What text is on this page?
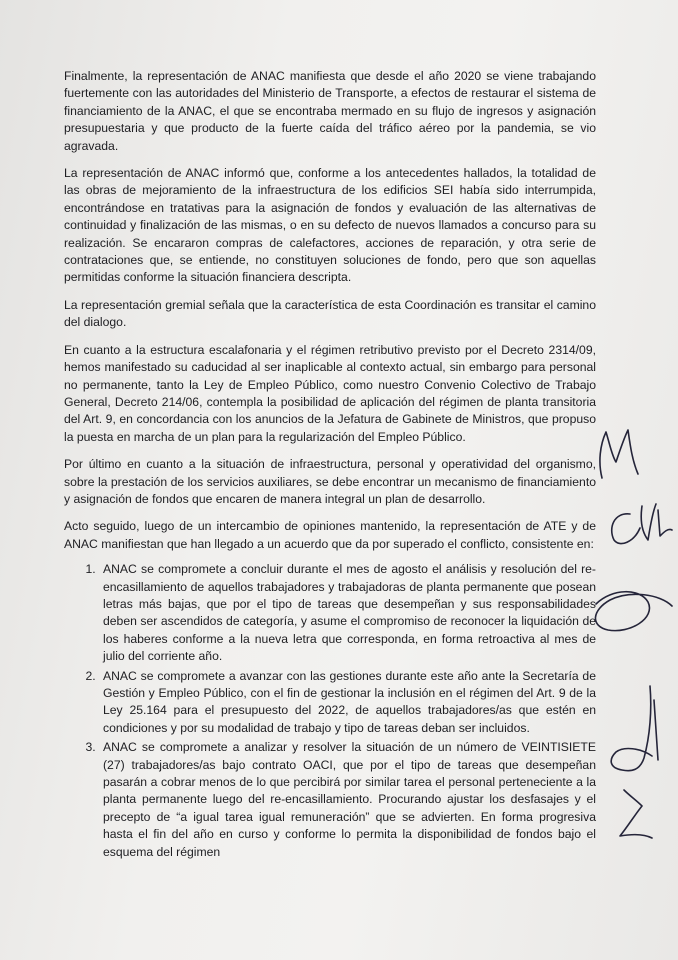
Finalmente, la representación de ANAC manifiesta que desde el año 2020 se viene trabajando fuertemente con las autoridades del Ministerio de Transporte, a efectos de restaurar el sistema de financiamiento de la ANAC, el que se encontraba mermado en su flujo de ingresos y asignación presupuestaria y que producto de la fuerte caída del tráfico aéreo por la pandemia, se vio agravada.

La representación de ANAC informó que, conforme a los antecedentes hallados, la totalidad de las obras de mejoramiento de la infraestructura de los edificios SEI había sido interrumpida, encontrándose en tratativas para la asignación de fondos y evaluación de las alternativas de continuidad y finalización de las mismas, o en su defecto de nuevos llamados a concurso para su realización. Se encararon compras de calefactores, acciones de reparación, y otra serie de contrataciones que, se entiende, no constituyen soluciones de fondo, pero que son aquellas permitidas conforme la situación financiera descripta.

La representación gremial señala que la característica de esta Coordinación es transitar el camino del dialogo.

En cuanto a la estructura escalafonaria y el régimen retributivo previsto por el Decreto 2314/09, hemos manifestado su caducidad al ser inaplicable al contexto actual, sin embargo para personal no permanente, tanto la Ley de Empleo Público, como nuestro Convenio Colectivo de Trabajo General, Decreto 214/06, contempla la posibilidad de aplicación del régimen de planta transitoria del Art. 9, en concordancia con los anuncios de la Jefatura de Gabinete de Ministros, que propuso la puesta en marcha de un plan para la regularización del Empleo Público.

Por último en cuanto a la situación de infraestructura, personal y operatividad del organismo, sobre la prestación de los servicios auxiliares, se debe encontrar un mecanismo de financiamiento y asignación de fondos que encaren de manera integral un plan de desarrollo.

Acto seguido, luego de un intercambio de opiniones mantenido, la representación de ATE y de ANAC manifiestan que han llegado a un acuerdo que da por superado el conflicto, consistente en:

1. ANAC se compromete a concluir durante el mes de agosto el análisis y resolución del re-encasillamiento de aquellos trabajadores y trabajadoras de planta permanente que posean letras más bajas, que por el tipo de tareas que desempeñan y sus responsabilidades deben ser ascendidos de categoría, y asume el compromiso de reconocer la liquidación de los haberes conforme a la nueva letra que corresponda, en forma retroactiva al mes de julio del corriente año.
2. ANAC se compromete a avanzar con las gestiones durante este año ante la Secretaría de Gestión y Empleo Público, con el fin de gestionar la inclusión en el régimen del Art. 9 de la Ley 25.164 para el presupuesto del 2022, de aquellos trabajadores/as que estén en condiciones y por su modalidad de trabajo y tipo de tareas deban ser incluidos.
3. ANAC se compromete a analizar y resolver la situación de un número de VEINTISIETE (27) trabajadores/as bajo contrato OACI, que por el tipo de tareas que desempeñan pasarán a cobrar menos de lo que percibirá por similar tarea el personal perteneciente a la planta permanente luego del re-encasillamiento. Procurando ajustar los desfasajes y el precepto de “a igual tarea igual remuneración” que se advierten. En forma progresiva hasta el fin del año en curso y conforme lo permita la disponibilidad de fondos bajo el esquema del régimen
